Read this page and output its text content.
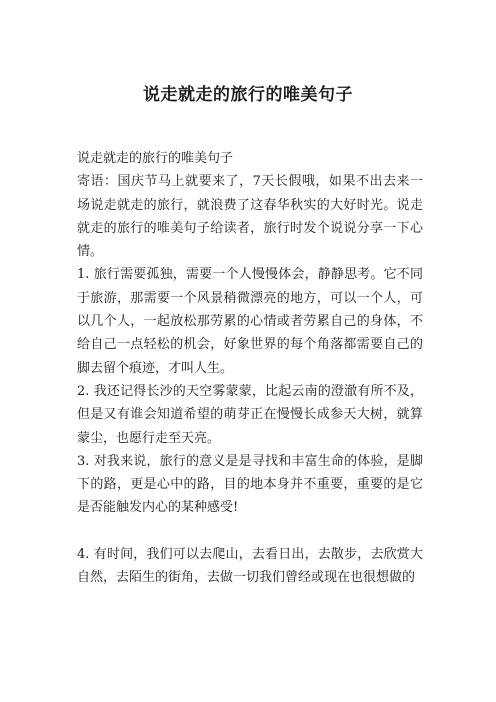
说走就走的旅行的唯美句子

说走就走的旅行的唯美句子

寄语：国庆节马上就要来了，7天长假哦，如果不出去来一场说走就走的旅行，就浪费了这春华秋实的大好时光。说走就走的旅行的唯美句子给读者，旅行时发个说说分享一下心情。

1. 旅行需要孤独，需要一个人慢慢体会，静静思考。它不同于旅游，那需要一个风景稍微漂亮的地方，可以一个人，可以几个人，一起放松那劳累的心情或者劳累自己的身体，不给自己一点轻松的机会，好象世界的每个角落都需要自己的脚去留个痕迹，才叫人生。

2. 我还记得长沙的天空雾蒙蒙，比起云南的澄澈有所不及，但是又有谁会知道希望的萌芽正在慢慢长成参天大树，就算蒙尘，也愿行走至天亮。

3. 对我来说，旅行的意义是是寻找和丰富生命的体验，是脚下的路，更是心中的路，目的地本身并不重要，重要的是它是否能触发内心的某种感受!

4. 有时间，我们可以去爬山，去看日出，去散步，去欣赏大自然，去陌生的街角，去做一切我们曾经或现在也很想做的
